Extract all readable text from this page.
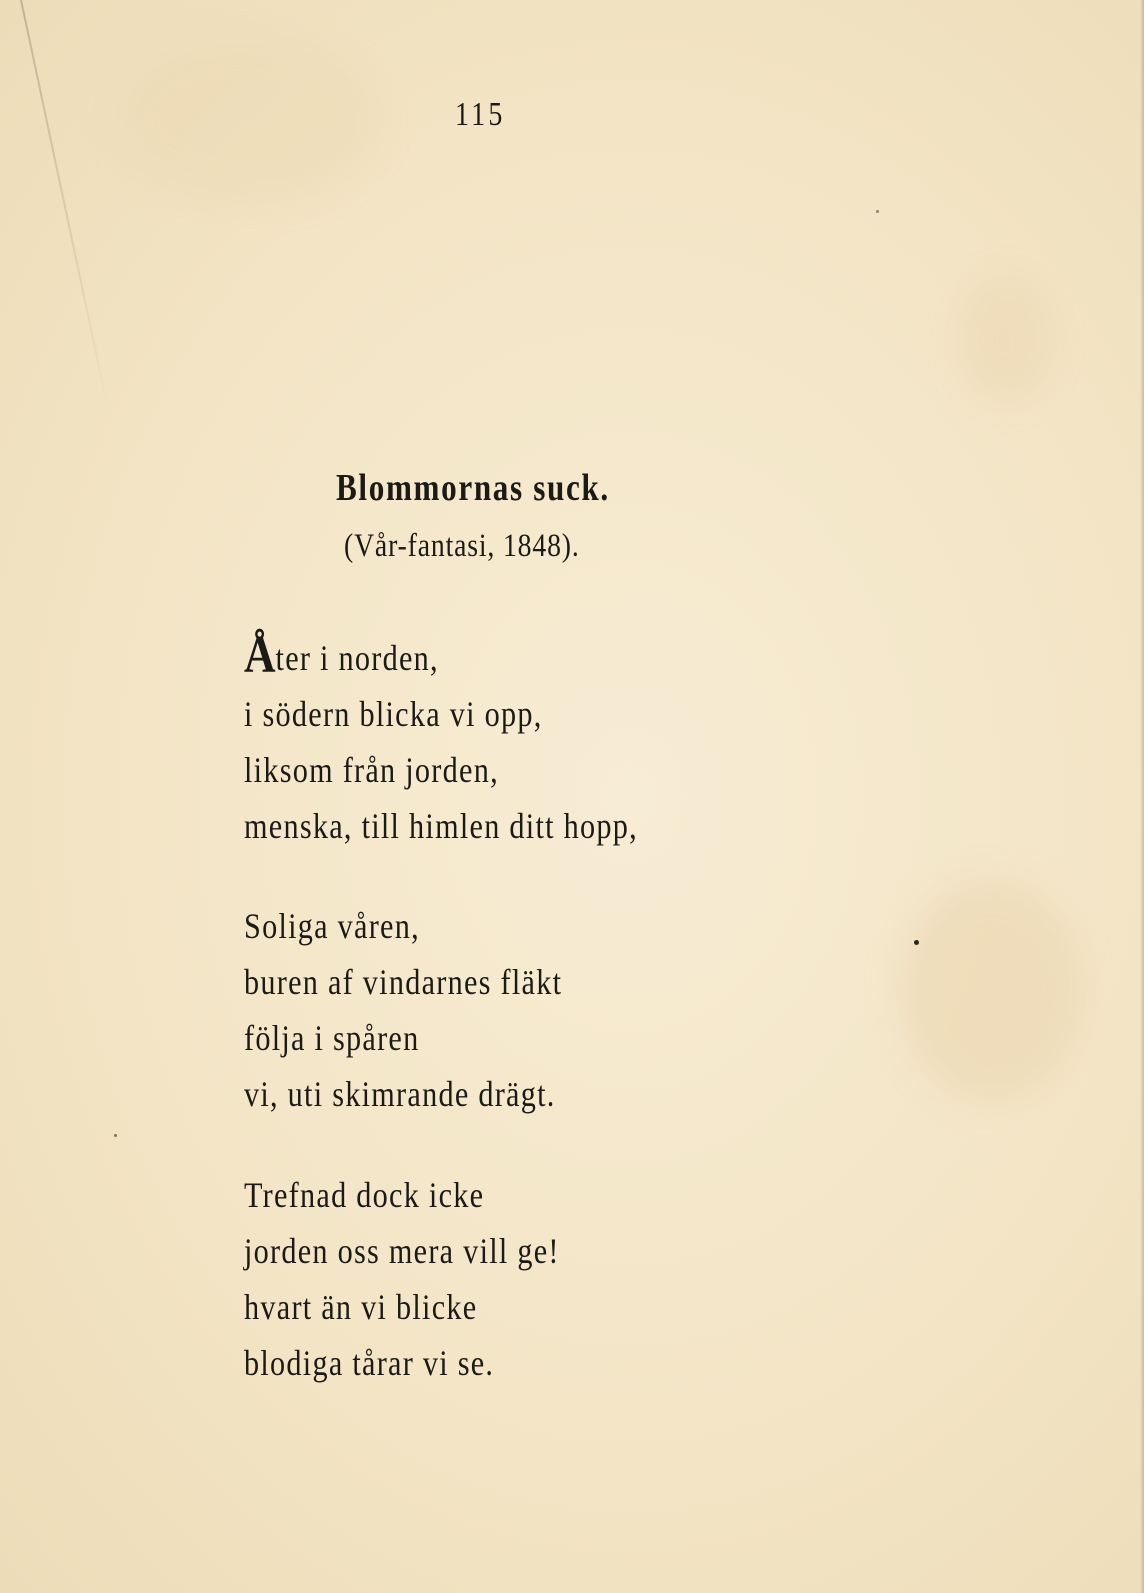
115
Blommornas suck.
(Vår-fantasi, 1848).
Åter i norden,
i södern blicka vi opp,
liksom från jorden,
menska, till himlen ditt hopp,
Soliga våren,
buren af vindarnes fläkt
följa i spåren
vi, uti skimrande drägt.
Trefnad dock icke
jorden oss mera vill ge!
hvart än vi blicke
blodiga tårar vi se.
